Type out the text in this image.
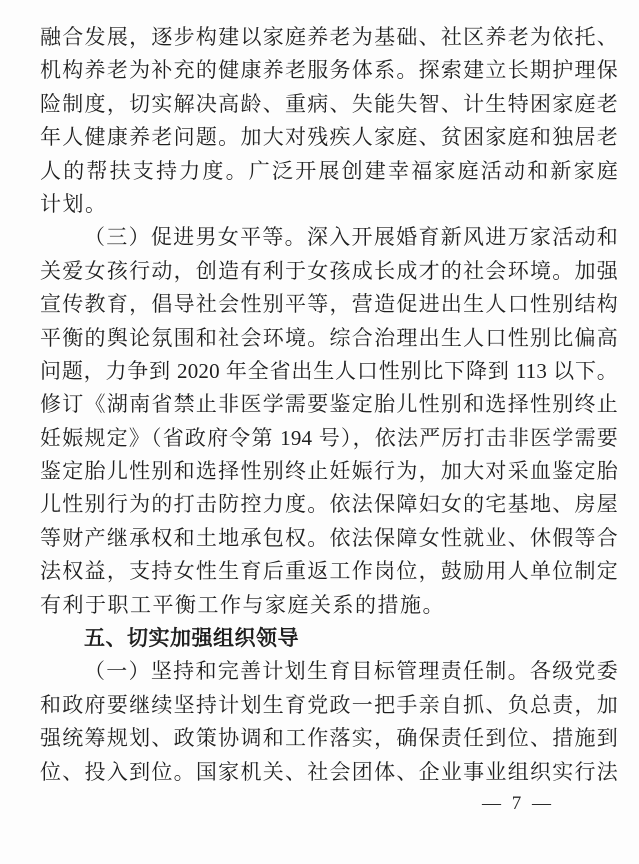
融合发展，逐步构建以家庭养老为基础、社区养老为依托、
机构养老为补充的健康养老服务体系。探索建立长期护理保
险制度，切实解决高龄、重病、失能失智、计生特困家庭老
年人健康养老问题。加大对残疾人家庭、贫困家庭和独居老
人的帮扶支持力度。广泛开展创建幸福家庭活动和新家庭
计划。
（三）促进男女平等。深入开展婚育新风进万家活动和
关爱女孩行动，创造有利于女孩成长成才的社会环境。加强
宣传教育，倡导社会性别平等，营造促进出生人口性别结构
平衡的舆论氛围和社会环境。综合治理出生人口性别比偏高
问题，力争到 2020 年全省出生人口性别比下降到 113 以下。
修订《湖南省禁止非医学需要鉴定胎儿性别和选择性别终止
妊娠规定》（省政府令第 194 号），依法严厉打击非医学需要
鉴定胎儿性别和选择性别终止妊娠行为，加大对采血鉴定胎
儿性别行为的打击防控力度。依法保障妇女的宅基地、房屋
等财产继承权和土地承包权。依法保障女性就业、休假等合
法权益，支持女性生育后重返工作岗位，鼓励用人单位制定
有利于职工平衡工作与家庭关系的措施。
五、切实加强组织领导
（一）坚持和完善计划生育目标管理责任制。各级党委
和政府要继续坚持计划生育党政一把手亲自抓、负总责，加
强统筹规划、政策协调和工作落实，确保责任到位、措施到
位、投入到位。国家机关、社会团体、企业事业组织实行法
— 7 —
